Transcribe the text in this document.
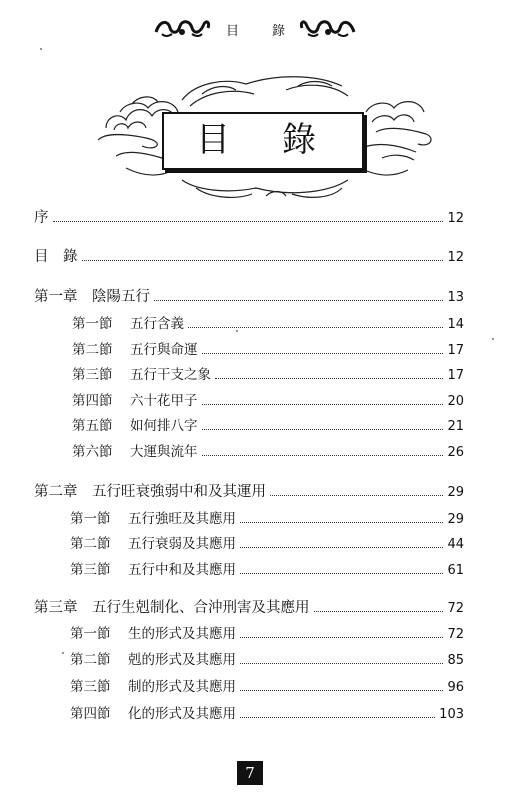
目 錄
目 錄
序	12
目　錄	12
第一章　陰陽五行	13
第一節	五行含義	14
第二節	五行與命運	17
第三節	五行干支之象	17
第四節	六十花甲子	20
第五節	如何排八字	21
第六節	大運與流年	26
第二章　五行旺衰強弱中和及其運用	29
第一節	五行強旺及其應用	29
第二節	五行衰弱及其應用	44
第三節	五行中和及其應用	61
第三章　五行生剋制化、合沖刑害及其應用	72
第一節	生的形式及其應用	72
第二節	剋的形式及其應用	85
第三節	制的形式及其應用	96
第四節	化的形式及其應用	103
7
